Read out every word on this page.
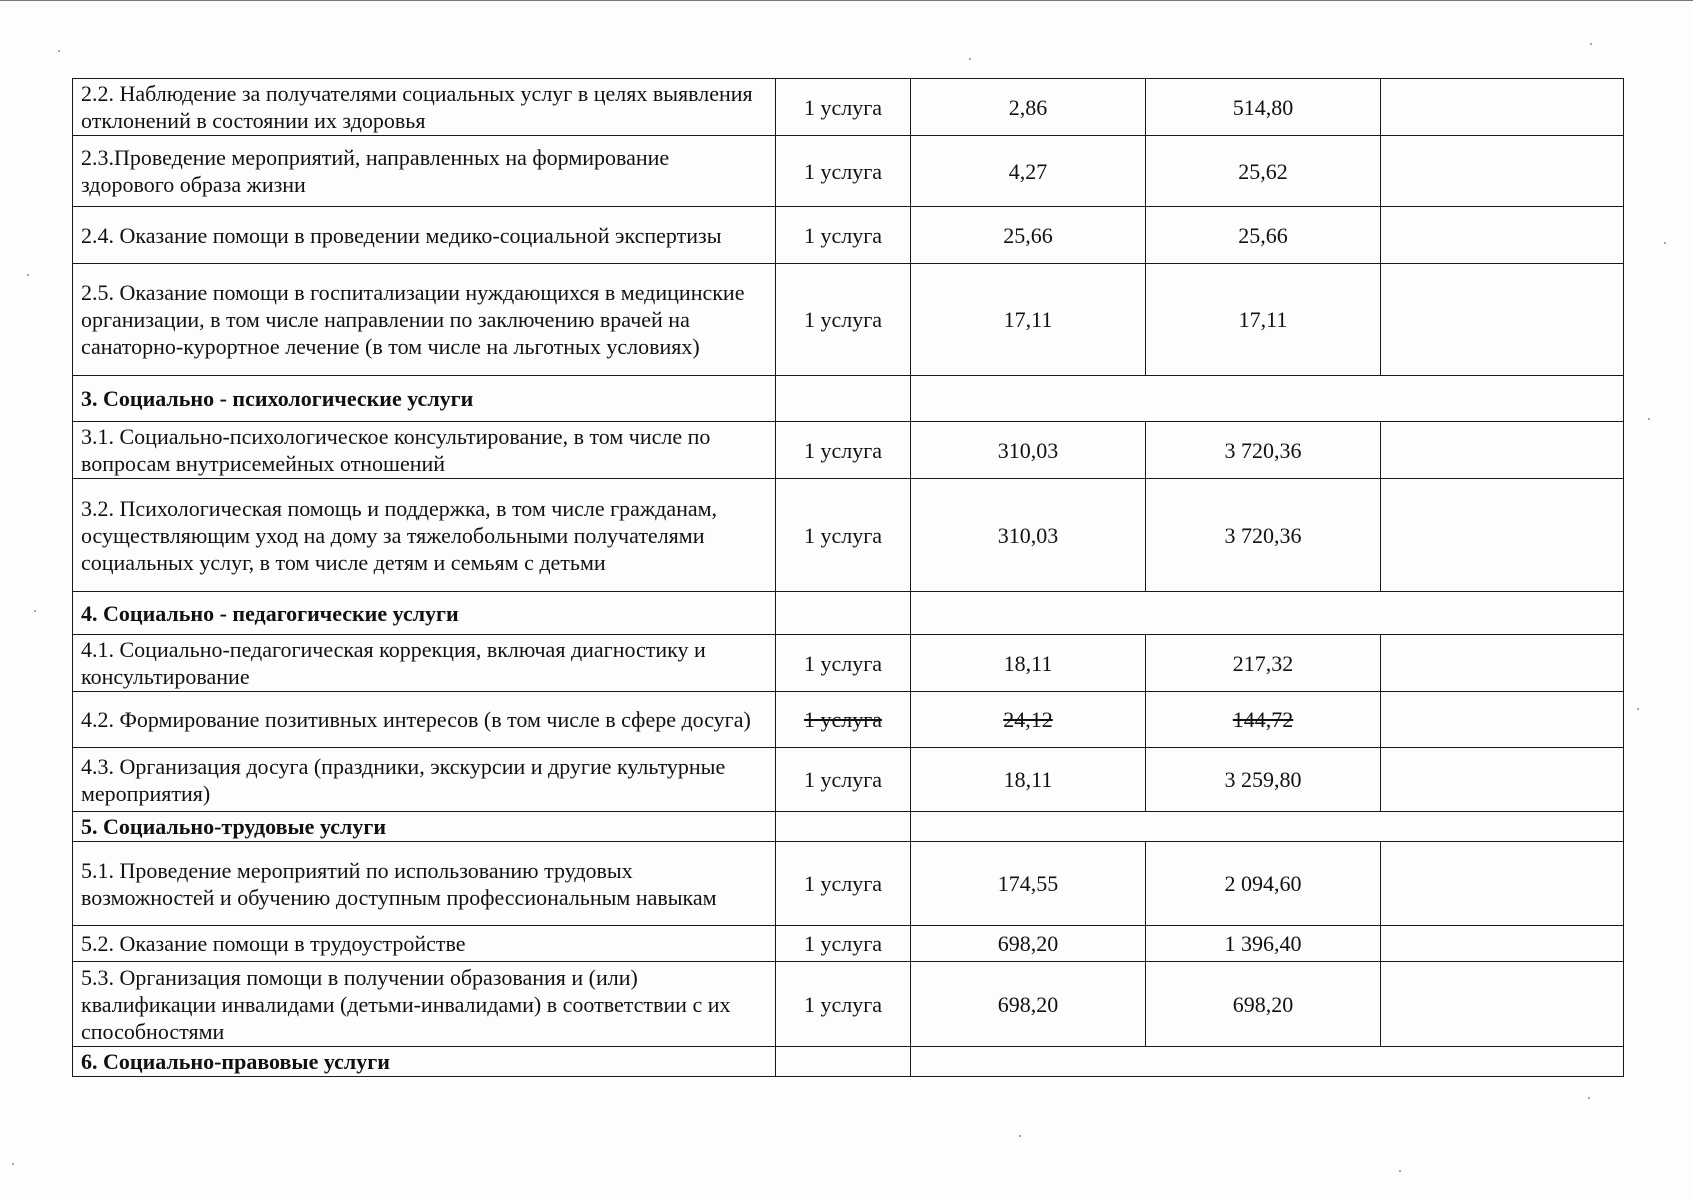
2.2. Наблюдение за получателями социальных услуг в целях выявления отклонений в состоянии их здоровья	1 услуга	2,86	514,80	
2.3.Проведение мероприятий, направленных на формирование здорового образа жизни	1 услуга	4,27	25,62	
2.4. Оказание помощи в проведении медико-социальной экспертизы	1 услуга	25,66	25,66	
2.5. Оказание помощи в госпитализации нуждающихся в медицинские организации, в том числе направлении по заключению врачей на санаторно-курортное лечение (в том числе на льготных условиях)	1 услуга	17,11	17,11	
3. Социально - психологические услуги				
3.1. Социально-психологическое консультирование, в том числе по вопросам внутрисемейных отношений	1 услуга	310,03	3 720,36	
3.2. Психологическая помощь и поддержка, в том числе гражданам, осуществляющим уход на дому за тяжелобольными получателями социальных услуг, в том числе детям и семьям с детьми	1 услуга	310,03	3 720,36	
4. Социально - педагогические услуги				
4.1. Социально-педагогическая коррекция, включая диагностику и консультирование	1 услуга	18,11	217,32	
4.2. Формирование позитивных интересов (в том числе в сфере досуга)	1 услуга	24,12	144,72	
4.3. Организация досуга (праздники, экскурсии и другие культурные мероприятия)	1 услуга	18,11	3 259,80	
5. Социально-трудовые услуги				
5.1. Проведение мероприятий по использованию трудовых возможностей и обучению доступным профессиональным навыкам	1 услуга	174,55	2 094,60	
5.2. Оказание помощи в трудоустройстве	1 услуга	698,20	1 396,40	
5.3. Организация помощи в получении образования и (или) квалификации инвалидами (детьми-инвалидами) в соответствии с их способностями	1 услуга	698,20	698,20	
6. Социально-правовые услуги				
